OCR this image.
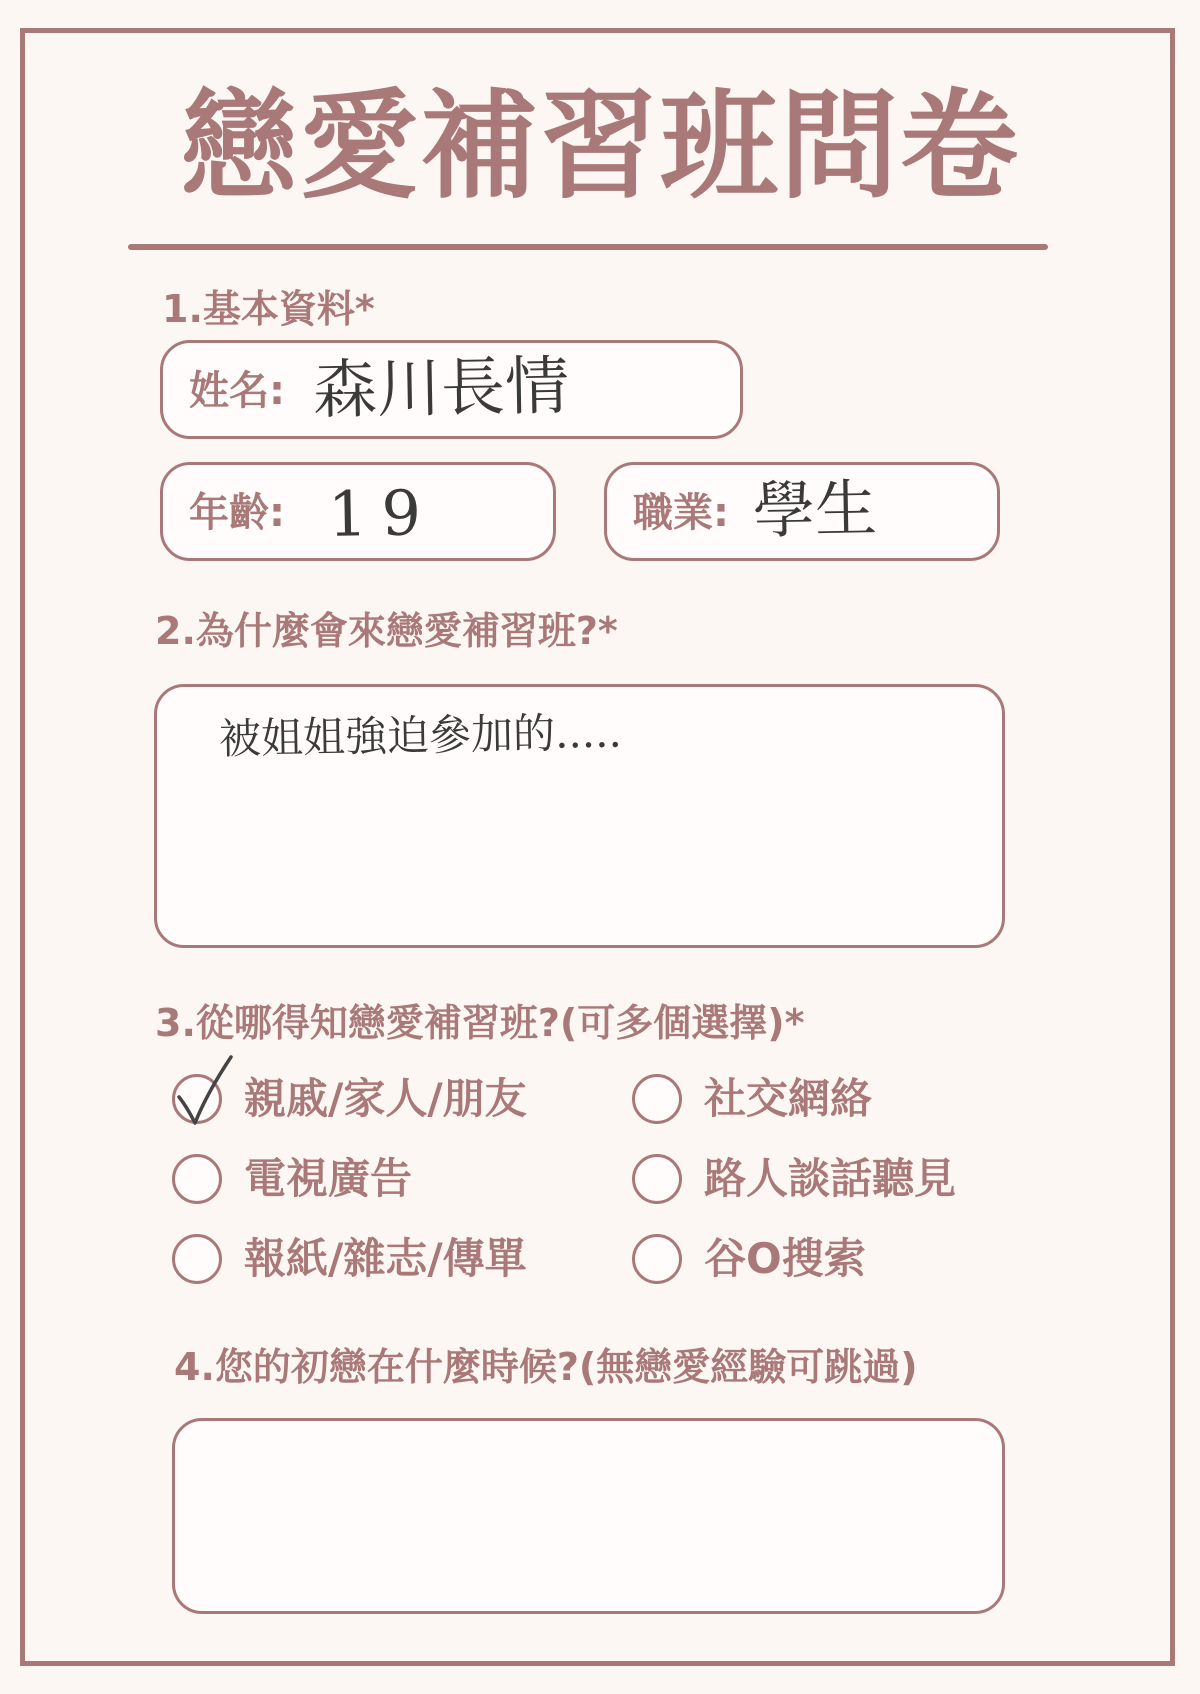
戀愛補習班問卷
1.基本資料*
姓名: 森川長情
年齡: 19	職業: 學生
2.為什麼會來戀愛補習班?*
被姐姐強迫參加的.....
3.從哪得知戀愛補習班?(可多個選擇)*
親戚/家人/朋友	社交網絡
電視廣告	路人談話聽見
報紙/雜志/傳單	谷O搜索
4.您的初戀在什麼時候?(無戀愛經驗可跳過)
